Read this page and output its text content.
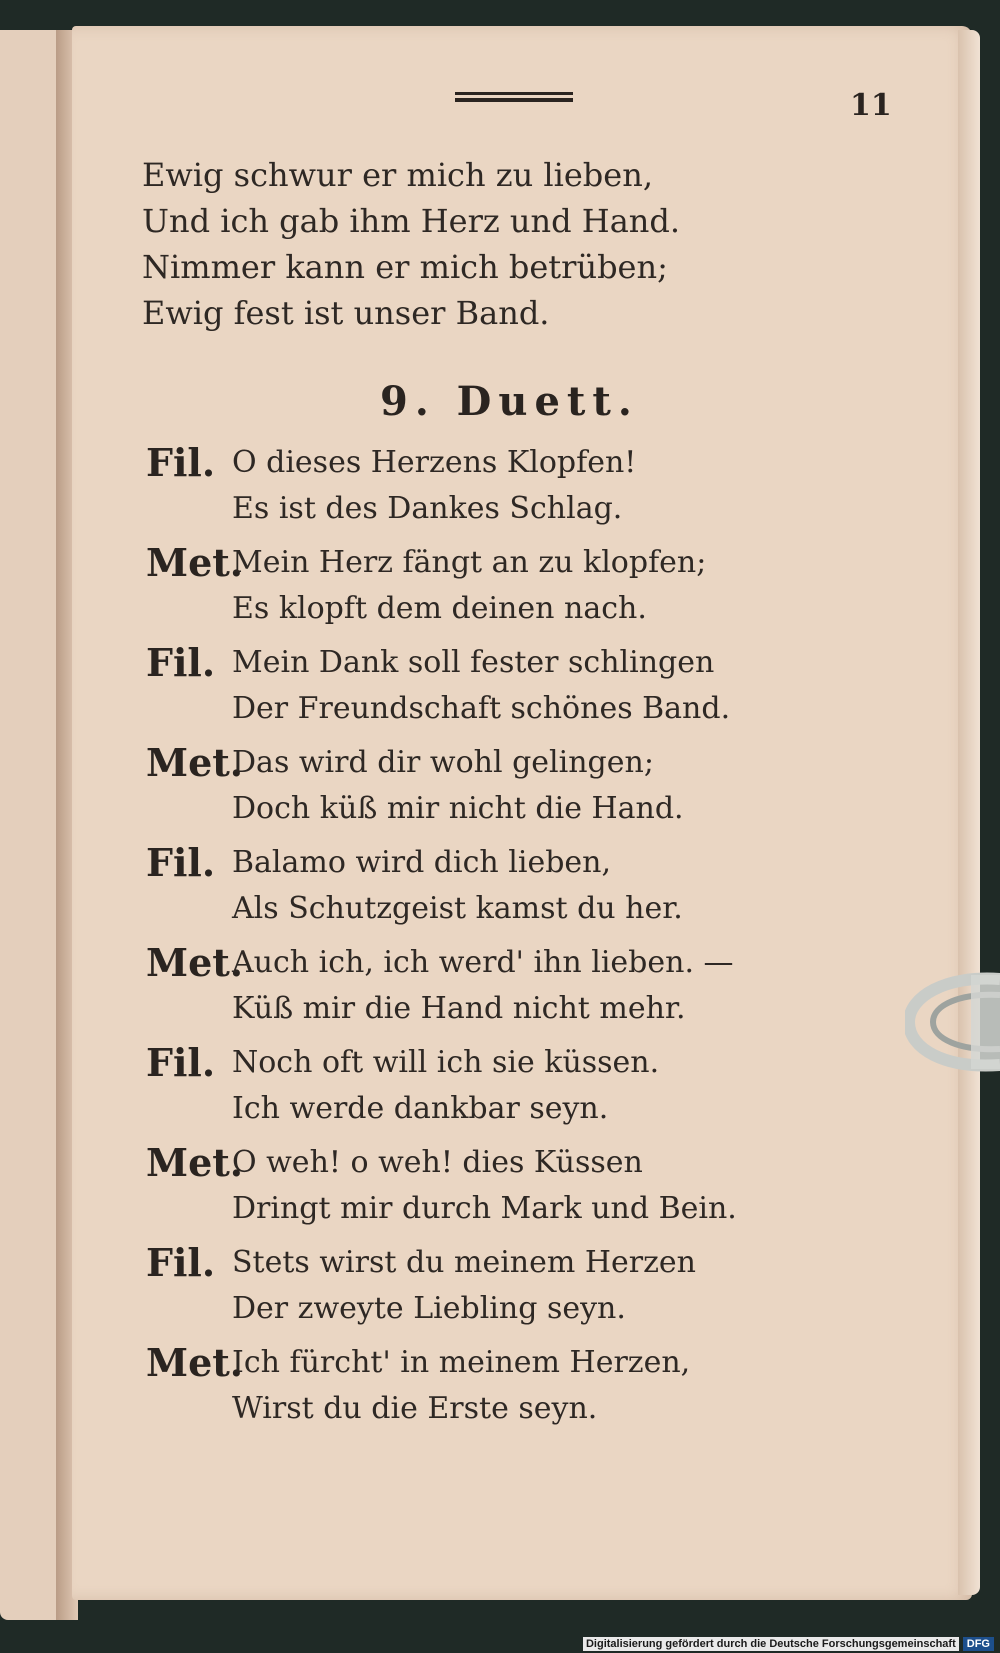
11
Ewig schwur er mich zu lieben,
Und ich gab ihm Herz und Hand.
Nimmer kann er mich betrüben;
Ewig fest ist unser Band.
9. Duett.
Fil. O dieses Herzens Klopfen!
Es ist des Dankes Schlag.
Met.
Mein Herz fängt an zu klopfen;
Es klopft dem deinen nach.
Fil. Mein Dank soll fester schlingen
Der Freundschaft schönes Band.
Met.
Das wird dir wohl gelingen;
Doch küß mir nicht die Hand.
Fil. Balamo wird dich lieben,
Als Schutzgeist kamst du her.
Met.
Auch ich, ich werd' ihn lieben. —
Küß mir die Hand nicht mehr.
Fil. Noch oft will ich sie küssen.
Ich werde dankbar seyn.
Met.
O weh! o weh! dies Küssen
Dringt mir durch Mark und Bein.
Fil. Stets wirst du meinem Herzen
Der zweyte Liebling seyn.
Met.
Ich fürcht' in meinem Herzen,
Wirst du die Erste seyn.
Digitalisierung gefördert durch die Deutsche Forschungsgemeinschaft	DFG
